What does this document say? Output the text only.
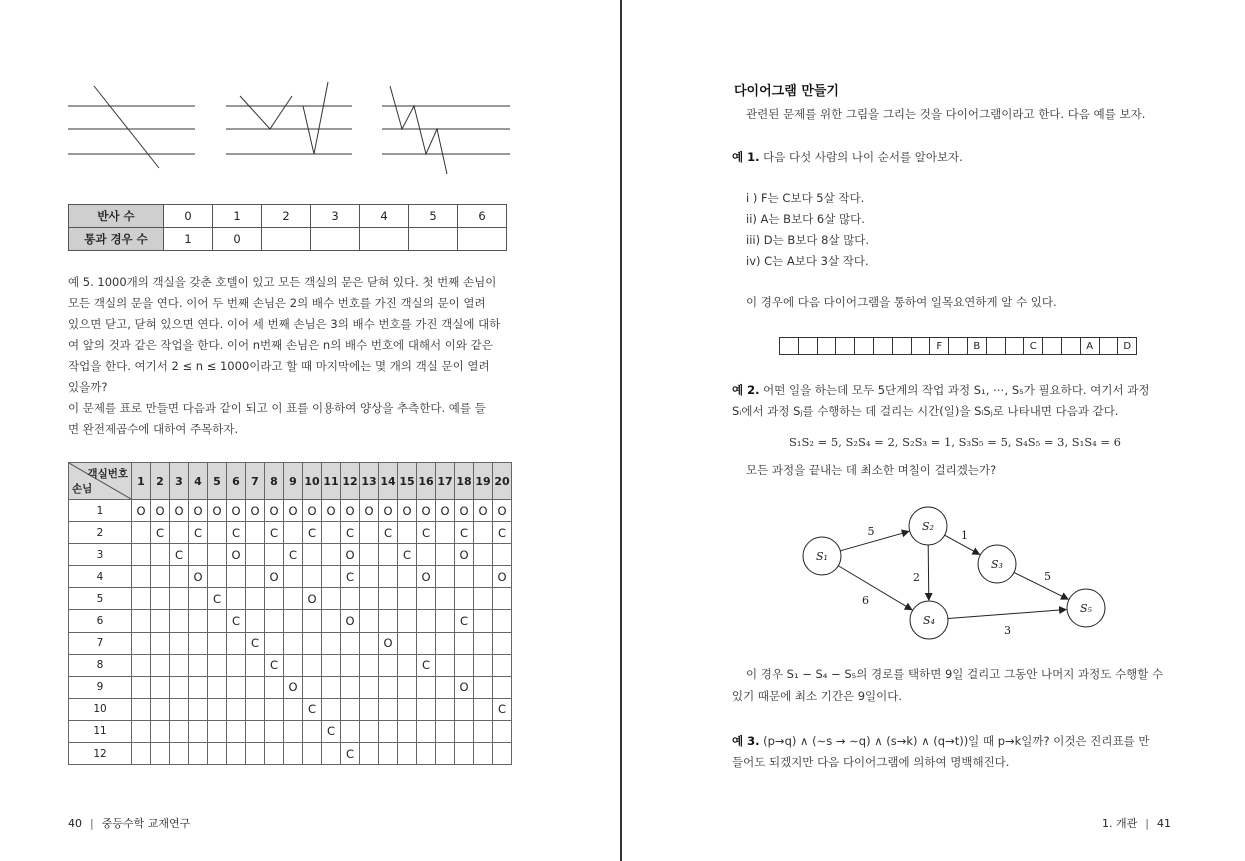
반사 수	0	1	2	3	4	5	6
통과 경우 수	1	0					

예 5. 1000개의 객실을 갖춘 호텔이 있고 모든 객실의 문은 닫혀 있다. 첫 번째 손님이

모든 객실의 문을 연다. 이어 두 번째 손님은 2의 배수 번호를 가진 객실의 문이 열려

있으면 닫고, 닫혀 있으면 연다. 이어 세 번째 손님은 3의 배수 번호를 가진 객실에 대하

여 앞의 것과 같은 작업을 한다. 이어 n번째 손님은 n의 배수 번호에 대해서 이와 같은

작업을 한다. 여기서 2 ≤ n ≤ 1000이라고 할 때 마지막에는 몇 개의 객실 문이 열려

있을까?

이 문제를 표로 만들면 다음과 같이 되고 이 표를 이용하여 양상을 추측한다. 예를 들

면 완전제곱수에 대하여 주목하자.

객실번호
손님	1	2	3	4	5	6	7	8	9	10	11	12	13	14	15	16	17	18	19	20
1	O	O	O	O	O	O	O	O	O	O	O	O	O	O	O	O	O	O	O	O
2		C		C		C		C		C		C		C		C		C		C
3			C			O			C			O			C			O		
4				O				O				C				O				O
5					C					O										
6						C						O						C		
7							C							O						
8								C								C				
9									O									O		
10										C										C
11											C									
12												C								
40 | 중등수학 교재연구
다이어그램 만들기
관련된 문제를 위한 그림을 그리는 것을 다이어그램이라고 한다. 다음 예를 보자.
예 1. 다음 다섯 사람의 나이 순서를 알아보자.
i ) F는 C보다 5살 작다.
ii) A는 B보다 6살 많다.
iii) D는 B보다 8살 많다.
iv) C는 A보다 3살 작다.
이 경우에 다음 다이어그램을 통하여 일목요연하게 알 수 있다.
								F		B			C			A		D
예 2. 어떤 일을 하는데 모두 5단계의 작업 과정 S₁, ⋯, S₅가 필요하다. 여기서 과정
Sᵢ에서 과정 Sⱼ를 수행하는 데 걸리는 시간(일)을 SᵢSⱼ로 나타내면 다음과 같다.
S₁S₂ = 5, S₂S₄ = 2, S₂S₃ = 1, S₃S₅ = 5, S₄S₅ = 3, S₁S₄ = 6
모든 과정을 끝내는 데 최소한 며칠이 걸리겠는가?
5	1
2
6
5
3
S₁
S₂
S₃
S₄
S₅
이 경우 S₁ − S₄ − S₅의 경로를 택하면 9일 걸리고 그동안 나머지 과정도 수행할 수
있기 때문에 최소 기간은 9일이다.
예 3. (p→q) ∧ (∼s → ∼q) ∧ (s→k) ∧ (q→t))일 때 p→k일까? 이것은 진리표를 만
들어도 되겠지만 다음 다이어그램에 의하여 명백해진다.
1. 개관 | 41
